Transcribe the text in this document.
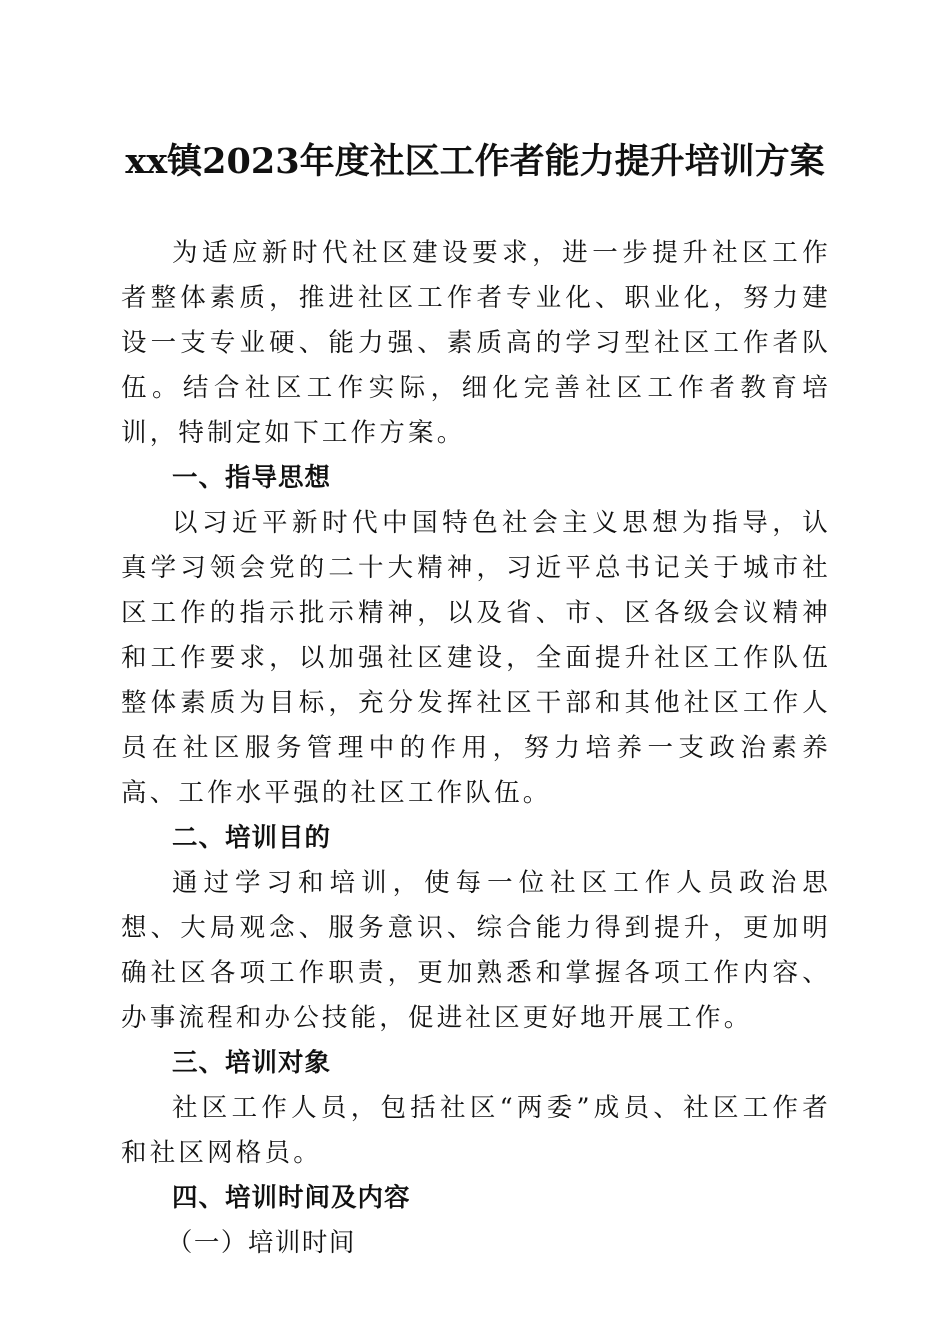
xx镇2023年度社区工作者能力提升培训方案

为适应新时代社区建设要求，进一步提升社区工作者整体素质，推进社区工作者专业化、职业化，努力建设一支专业硬、能力强、素质高的学习型社区工作者队伍。结合社区工作实际，细化完善社区工作者教育培训，特制定如下工作方案。

一、指导思想

以习近平新时代中国特色社会主义思想为指导，认真学习领会党的二十大精神，习近平总书记关于城市社区工作的指示批示精神，以及省、市、区各级会议精神和工作要求，以加强社区建设，全面提升社区工作队伍整体素质为目标，充分发挥社区干部和其他社区工作人员在社区服务管理中的作用，努力培养一支政治素养高、工作水平强的社区工作队伍。

二、培训目的

通过学习和培训，使每一位社区工作人员政治思想、大局观念、服务意识、综合能力得到提升，更加明确社区各项工作职责，更加熟悉和掌握各项工作内容、办事流程和办公技能，促进社区更好地开展工作。

三、培训对象

社区工作人员，包括社区“两委”成员、社区工作者和社区网格员。

四、培训时间及内容

（一）培训时间
